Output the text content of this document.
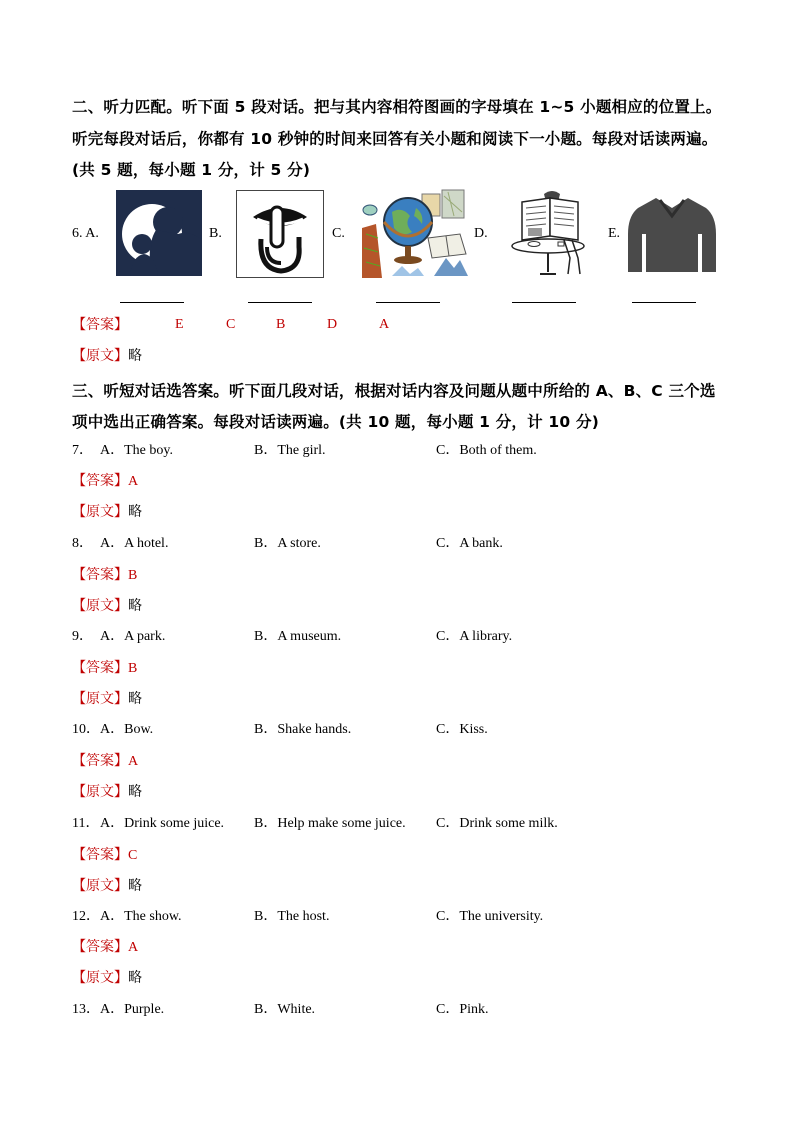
二、听力匹配。听下面 5 段对话。把与其内容相符图画的字母填在 1~5 小题相应的位置上。
听完每段对话后，你都有 10 秒钟的时间来回答有关小题和阅读下一小题。每段对话读两遍。
(共 5 题，每小题 1 分，计 5 分)
6. A.	B.	C.	D.	E.
【答案】	E	C	B	D	A
【原文】略
三、听短对话选答案。听下面几段对话，根据对话内容及问题从题中所给的 A、B、C 三个选
项中选出正确答案。每段对话读两遍。(共 10 题，每小题 1 分，计 10 分)
7． A．The boy.	B．The girl.	C．Both of them.
【答案】A
【原文】略
8． A．A hotel.	B．A store.	C．A bank.
【答案】B
【原文】略
9． A．A park.	B．A museum.	C．A library.
【答案】B
【原文】略
10． A．Bow.	B．Shake hands.	C．Kiss.
【答案】A
【原文】略
11． A．Drink some juice. B．Help make some juice. C．Drink some milk.
【答案】C
【原文】略
12． A．The show.	B．The host.	C．The university.
【答案】A
【原文】略
13． A．Purple.	B．White.	C．Pink.
